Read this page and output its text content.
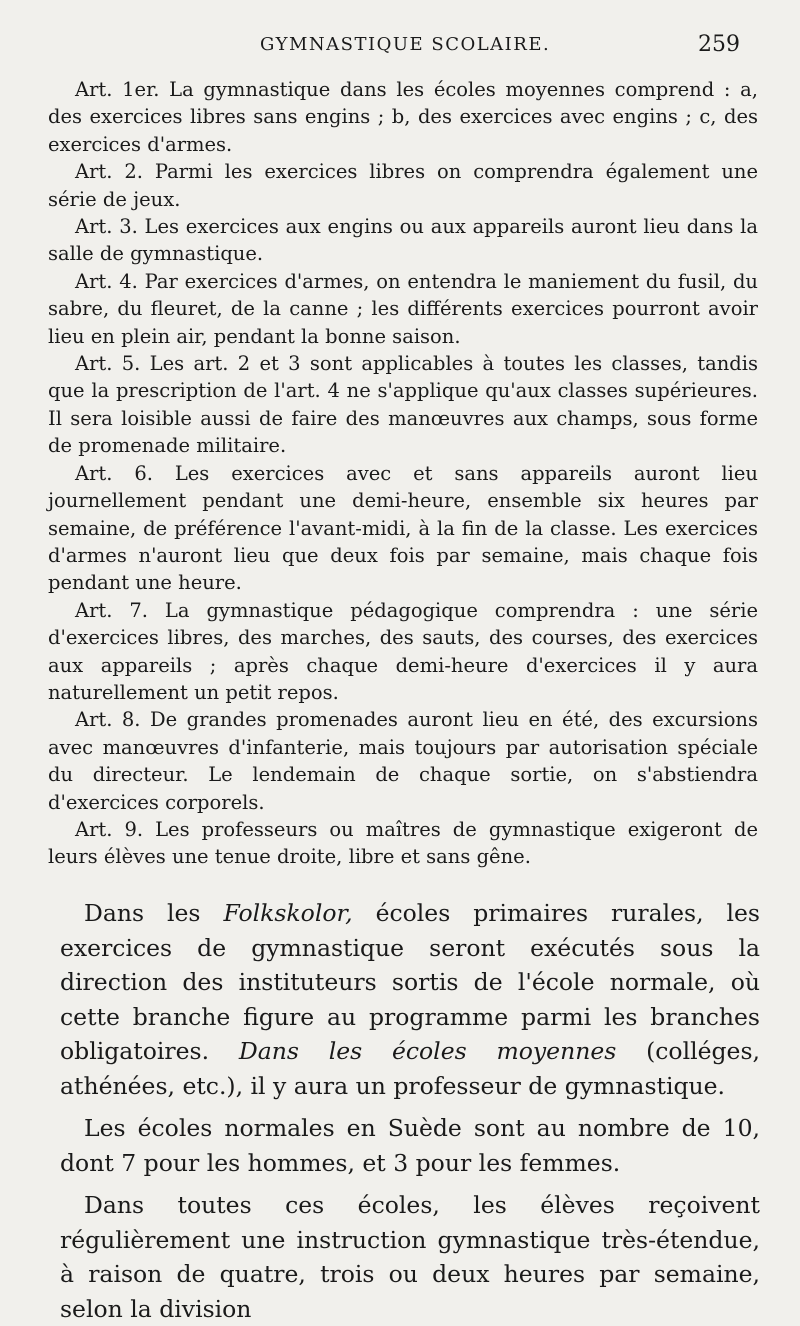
GYMNASTIQUE SCOLAIRE.	259

Art. 1er. La gymnastique dans les écoles moyennes comprend : a, des exercices libres sans engins ; b, des exercices avec engins ; c, des exercices d'armes.

Art. 2. Parmi les exercices libres on comprendra également une série de jeux.

Art. 3. Les exercices aux engins ou aux appareils auront lieu dans la salle de gymnastique.

Art. 4. Par exercices d'armes, on entendra le maniement du fusil, du sabre, du fleuret, de la canne ; les différents exercices pourront avoir lieu en plein air, pendant la bonne saison.

Art. 5. Les art. 2 et 3 sont applicables à toutes les classes, tandis que la prescription de l'art. 4 ne s'applique qu'aux classes supérieures. Il sera loisible aussi de faire des manœuvres aux champs, sous forme de promenade militaire.

Art. 6. Les exercices avec et sans appareils auront lieu journellement pendant une demi-heure, ensemble six heures par semaine, de préférence l'avant-midi, à la fin de la classe. Les exercices d'armes n'auront lieu que deux fois par semaine, mais chaque fois pendant une heure.

Art. 7. La gymnastique pédagogique comprendra : une série d'exercices libres, des marches, des sauts, des courses, des exercices aux appareils ; après chaque demi-heure d'exercices il y aura naturellement un petit repos.

Art. 8. De grandes promenades auront lieu en été, des excursions avec manœuvres d'infanterie, mais toujours par autorisation spéciale du directeur. Le lendemain de chaque sortie, on s'abstiendra d'exercices corporels.

Art. 9. Les professeurs ou maîtres de gymnastique exigeront de leurs élèves une tenue droite, libre et sans gêne.

Dans les Folkskolor, écoles primaires rurales, les exercices de gymnastique seront exécutés sous la direction des instituteurs sortis de l'école normale, où cette branche figure au programme parmi les branches obligatoires. Dans les écoles moyennes (colléges, athénées, etc.), il y aura un professeur de gymnastique.

Les écoles normales en Suède sont au nombre de 10, dont 7 pour les hommes, et 3 pour les femmes.

Dans toutes ces écoles, les élèves reçoivent régulièrement une instruction gymnastique très-étendue, à raison de quatre, trois ou deux heures par semaine, selon la division
